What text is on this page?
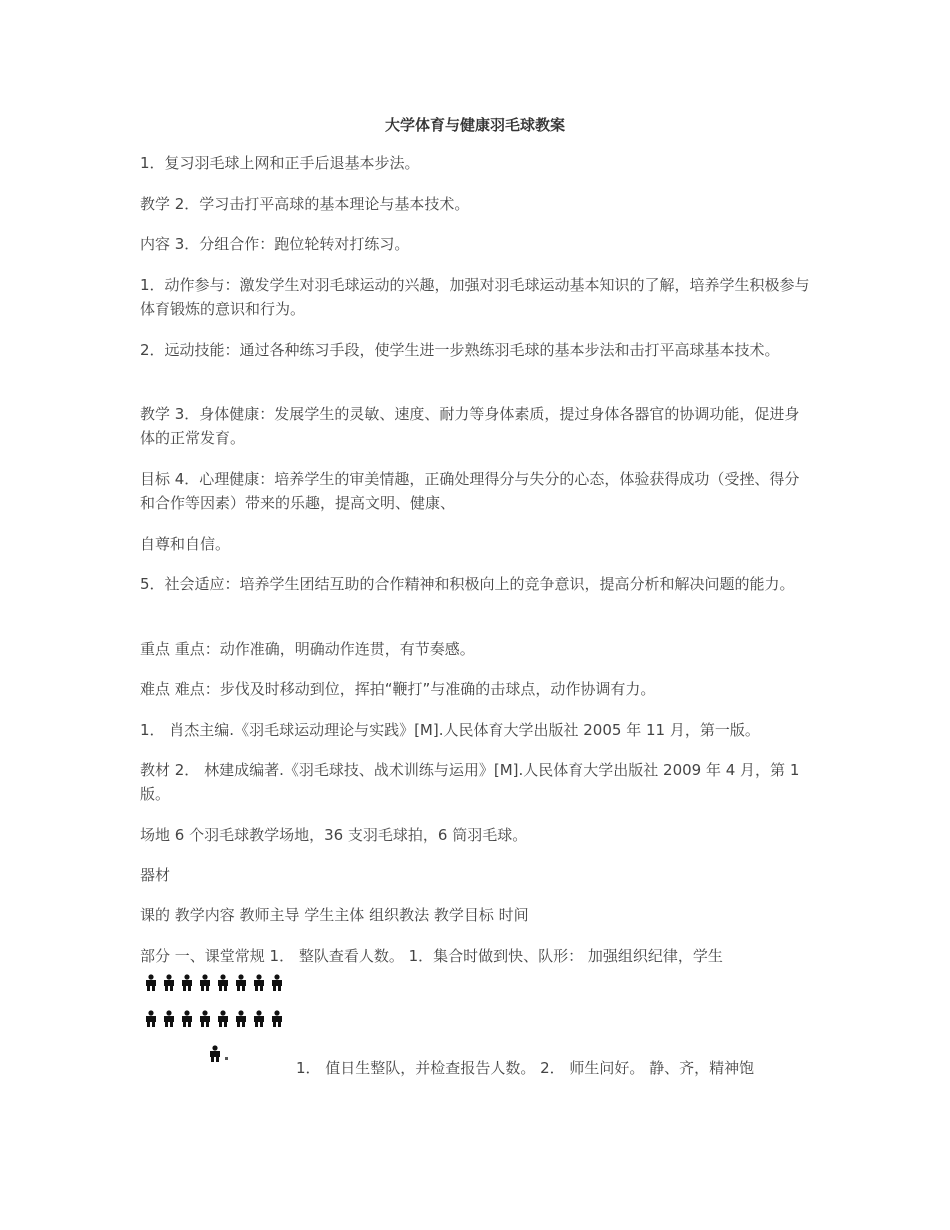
大学体育与健康羽毛球教案

1．复习羽毛球上网和正手后退基本步法。

教学 2．学习击打平高球的基本理论与基本技术。

内容 3．分组合作：跑位轮转对打练习。

1．动作参与：激发学生对羽毛球运动的兴趣，加强对羽毛球运动基本知识的了解，培养学生积极参与体育锻炼的意识和行为。

2．远动技能：通过各种练习手段，使学生进一步熟练羽毛球的基本步法和击打平高球基本技术。

教学 3．身体健康：发展学生的灵敏、速度、耐力等身体素质，提过身体各器官的协调功能，促进身体的正常发育。

目标 4．心理健康：培养学生的审美情趣，正确处理得分与失分的心态，体验获得成功（受挫、得分和合作等因素）带来的乐趣，提高文明、健康、

自尊和自信。

5．社会适应：培养学生团结互助的合作精神和积极向上的竞争意识，提高分析和解决问题的能力。

重点 重点：动作准确，明确动作连贯，有节奏感。

难点 难点：步伐及时移动到位，挥拍“鞭打”与准确的击球点，动作协调有力。

1． 肖杰主编.《羽毛球运动理论与实践》[M].人民体育大学出版社 2005 年 11 月，第一版。

教材 2． 林建成编著.《羽毛球技、战术训练与运用》[M].人民体育大学出版社 2009 年 4 月，第 1 版。

场地 6 个羽毛球教学场地，36 支羽毛球拍，6 筒羽毛球。

器材

课的 教学内容 教师主导 学生主体 组织教法 教学目标 时间

部分 一、课堂常规 1． 整队查看人数。 1．集合时做到快、队形： 加强组织纪律，学生

1． 值日生整队，并检查报告人数。 2． 师生问好。 静、齐，精神饱
